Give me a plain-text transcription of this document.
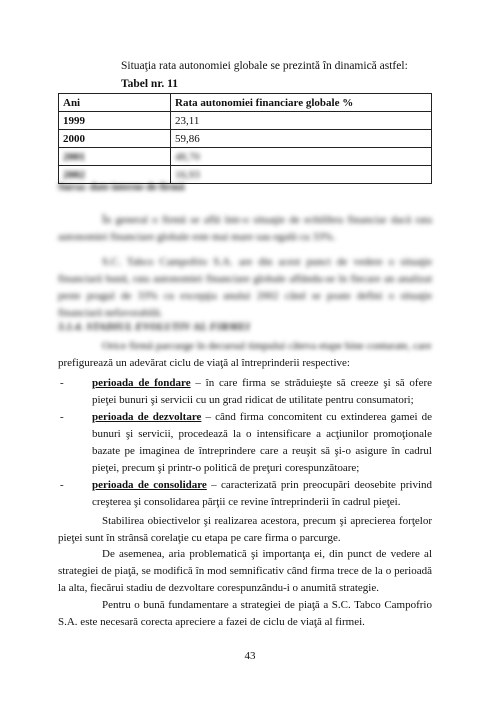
Situaţia rata autonomiei globale se prezintă în dinamică astfel:
Tabel nr. 11
Ani	Rata autonomiei financiare globale %
1999	23,11
2000	59,86
2001	48,70
2002	16,93
Sursa: date interne de firmă
În general o firmă se află într-o situaţie de echilibru financiar dacă rata autonomiei financiare globale este mai mare sau egală cu 33%.
S.C. Tabco Campofrio S.A. are din acest punct de vedere o situaţie financiară bună, rata autonomiei financiare globale aflându-se în fiecare an analizat peste pragul de 33% cu excepţia anului 2002 când se poate defini o situaţie financiară nefavorabilă.
3.1.4. STADIUL EVOLUTIV AL FIRMEI
Orice firmă parcurge în decursul timpului câteva etape bine conturate, care
prefigurează un adevărat ciclu de viaţă al întreprinderii respective:

-	perioada de fondare – în care firma se străduieşte să creeze şi să ofere pieţei bunuri şi servicii cu un grad ridicat de utilitate pentru consumatori;

-	perioada de dezvoltare – când firma concomitent cu extinderea gamei de bunuri şi servicii, procedează la o intensificare a acţiunilor promoţionale bazate pe imaginea de întreprindere care a reuşit să şi-o asigure în cadrul pieţei, precum şi printr-o politică de preţuri corespunzătoare;

-	perioada de consolidare – caracterizată prin preocupări deosebite privind creşterea şi consolidarea părţii ce revine întreprinderii în cadrul pieţei.

Stabilirea obiectivelor şi realizarea acestora, precum şi aprecierea forţelor pieţei sunt în strânsă corelaţie cu etapa pe care firma o parcurge.
De asemenea, aria problematică şi importanţa ei, din punct de vedere al strategiei de piaţă, se modifică în mod semnificativ când firma trece de la o perioadă la alta, fiecărui stadiu de dezvoltare corespunzându-i o anumită strategie.
Pentru o bună fundamentare a strategiei de piaţă a S.C. Tabco Campofrio S.A. este necesară corecta apreciere a fazei de ciclu de viaţă al firmei.
43
